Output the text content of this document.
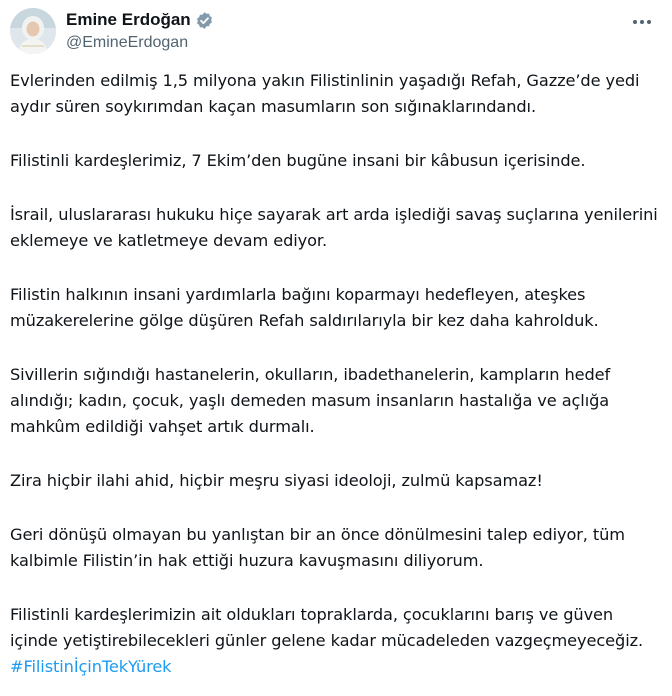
Emine Erdoğan
@EmineErdogan

Evlerinden edilmiş 1,5 milyona yakın Filistinlinin yaşadığı Refah, Gazze’de yedi aydır süren soykırımdan kaçan masumların son sığınaklarındandı.

Filistinli kardeşlerimiz, 7 Ekim’den bugüne insani bir kâbusun içerisinde.

İsrail, uluslararası hukuku hiçe sayarak art arda işlediği savaş suçlarına yenilerini eklemeye ve katletmeye devam ediyor.

Filistin halkının insani yardımlarla bağını koparmayı hedefleyen, ateşkes müzakerelerine gölge düşüren Refah saldırılarıyla bir kez daha kahrolduk.

Sivillerin sığındığı hastanelerin, okulların, ibadethanelerin, kampların hedef alındığı; kadın, çocuk, yaşlı demeden masum insanların hastalığa ve açlığa mahkûm edildiği vahşet artık durmalı.

Zira hiçbir ilahi ahid, hiçbir meşru siyasi ideoloji, zulmü kapsamaz!

Geri dönüşü olmayan bu yanlıştan bir an önce dönülmesini talep ediyor, tüm kalbimle Filistin’in hak ettiği huzura kavuşmasını diliyorum.

Filistinli kardeşlerimizin ait oldukları topraklarda, çocuklarını barış ve güven içinde yetiştirebilecekleri günler gelene kadar mücadeleden vazgeçmeyeceğiz. #Filistinİçin​TekYürek
